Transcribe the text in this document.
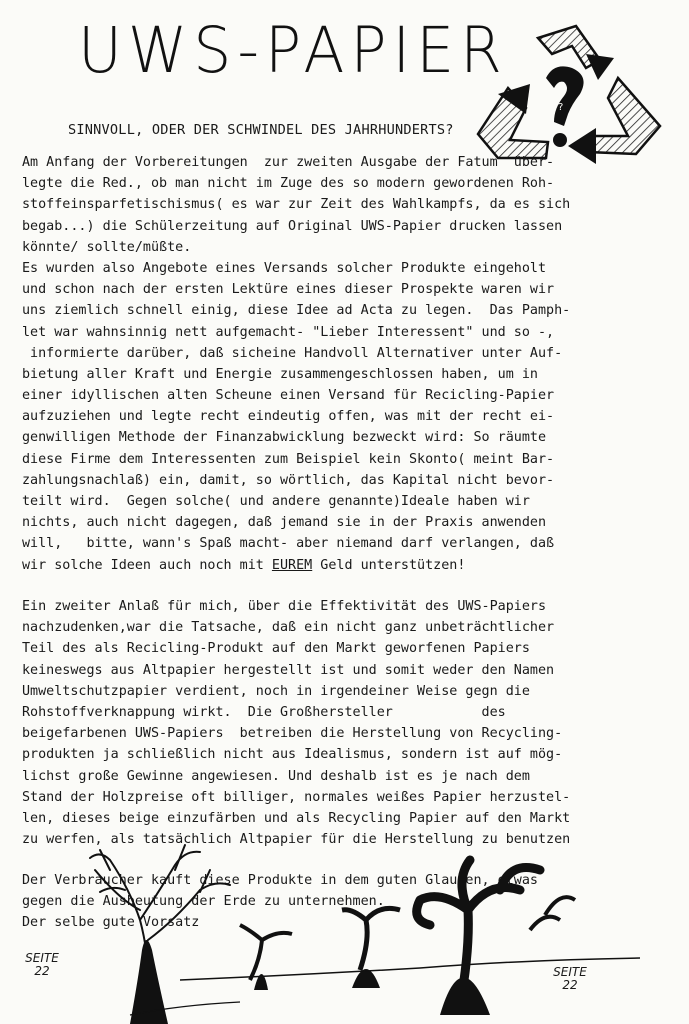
UWS-PAPIER
?
SINNVOLL, ODER DER SCHWINDEL DES JAHRHUNDERTS?
Am Anfang der Vorbereitungen  zur zweiten Ausgabe der Fatum  über-
legte die Red., ob man nicht im Zuge des so modern gewordenen Roh-
stoffeinsparfetischismus( es war zur Zeit des Wahlkampfs, da es sich
begab...) die Schülerzeitung auf Original UWS-Papier drucken lassen
könnte/ sollte/müßte.
Es wurden also Angebote eines Versands solcher Produkte eingeholt
und schon nach der ersten Lektüre eines dieser Prospekte waren wir
uns ziemlich schnell einig, diese Idee ad Acta zu legen.  Das Pamph-
let war wahnsinnig nett aufgemacht- "Lieber Interessent" und so -,
informierte darüber, daß sicheine Handvoll Alternativer unter Auf-
bietung aller Kraft und Energie zusammengeschlossen haben, um in
einer idyllischen alten Scheune einen Versand für Recicling-Papier
aufzuziehen und legte recht eindeutig offen, was mit der recht ei-
genwilligen Methode der Finanzabwicklung bezweckt wird: So räumte
diese Firme dem Interessenten zum Beispiel kein Skonto( meint Bar-
zahlungsnachlaß) ein, damit, so wörtlich, das Kapital nicht bevor-
teilt wird.  Gegen solche( und andere genannte)Ideale haben wir
nichts, auch nicht dagegen, daß jemand sie in der Praxis anwenden
will,   bitte, wann's Spaß macht- aber niemand darf verlangen, daß
wir solche Ideen auch noch mit EUREM Geld unterstützen!
Ein zweiter Anlaß für mich, über die Effektivität des UWS-Papiers
nachzudenken,war die Tatsache, daß ein nicht ganz unbeträchtlicher
Teil des als Recicling-Produkt auf den Markt geworfenen Papiers
keineswegs aus Altpapier hergestellt ist und somit weder den Namen
Umweltschutzpapier verdient, noch in irgendeiner Weise gegn die
Rohstoffverknappung wirkt.  Die Großhersteller           des
beigefarbenen UWS-Papiers  betreiben die Herstellung von Recycling-
produkten ja schließlich nicht aus Idealismus, sondern ist auf mög-
lichst große Gewinne angewiesen. Und deshalb ist es je nach dem
Stand der Holzpreise oft billiger, normales weißes Papier herzustel-
len, dieses beige einzufärben und als Recycling Papier auf den Markt
zu werfen, als tatsächlich Altpapier für die Herstellung zu benutzen
Der Verbraucher kauft diese Produkte in dem guten Glauben, etwas
gegen die Ausbeutung der Erde zu unternehmen.
Der selbe gute Vorsatz
SEITE
22	SEITE
22
